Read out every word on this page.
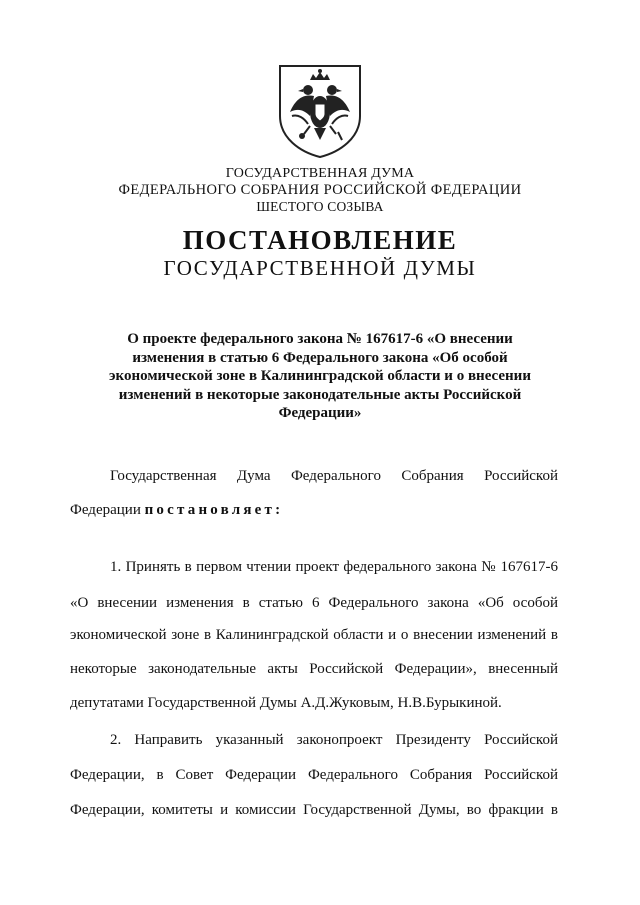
ГОСУДАРСТВЕННАЯ ДУМА
ФЕДЕРАЛЬНОГО СОБРАНИЯ РОССИЙСКОЙ ФЕДЕРАЦИИ
ШЕСТОГО СОЗЫВА
ПОСТАНОВЛЕНИЕ
ГОСУДАРСТВЕННОЙ ДУМЫ
О проекте федерального закона № 167617-6 «О внесении изменения в статью 6 Федерального закона «Об особой экономической зоне в Калининградской области и о внесении изменений в некоторые законодательные акты Российской Федерации»
Государственная Дума Федерального Собрания Российской
Федерации постановляет:
1. Принять в первом чтении проект федерального закона № 167617-6
«О внесении изменения в статью 6 Федерального закона «Об особой
экономической зоне в Калининградской области и о внесении изменений в
некоторые законодательные акты Российской Федерации», внесенный
депутатами Государственной Думы А.Д.Жуковым, Н.В.Бурыкиной.
2. Направить указанный законопроект Президенту Российской
Федерации, в Совет Федерации Федерального Собрания Российской
Федерации, комитеты и комиссии Государственной Думы, во фракции в
